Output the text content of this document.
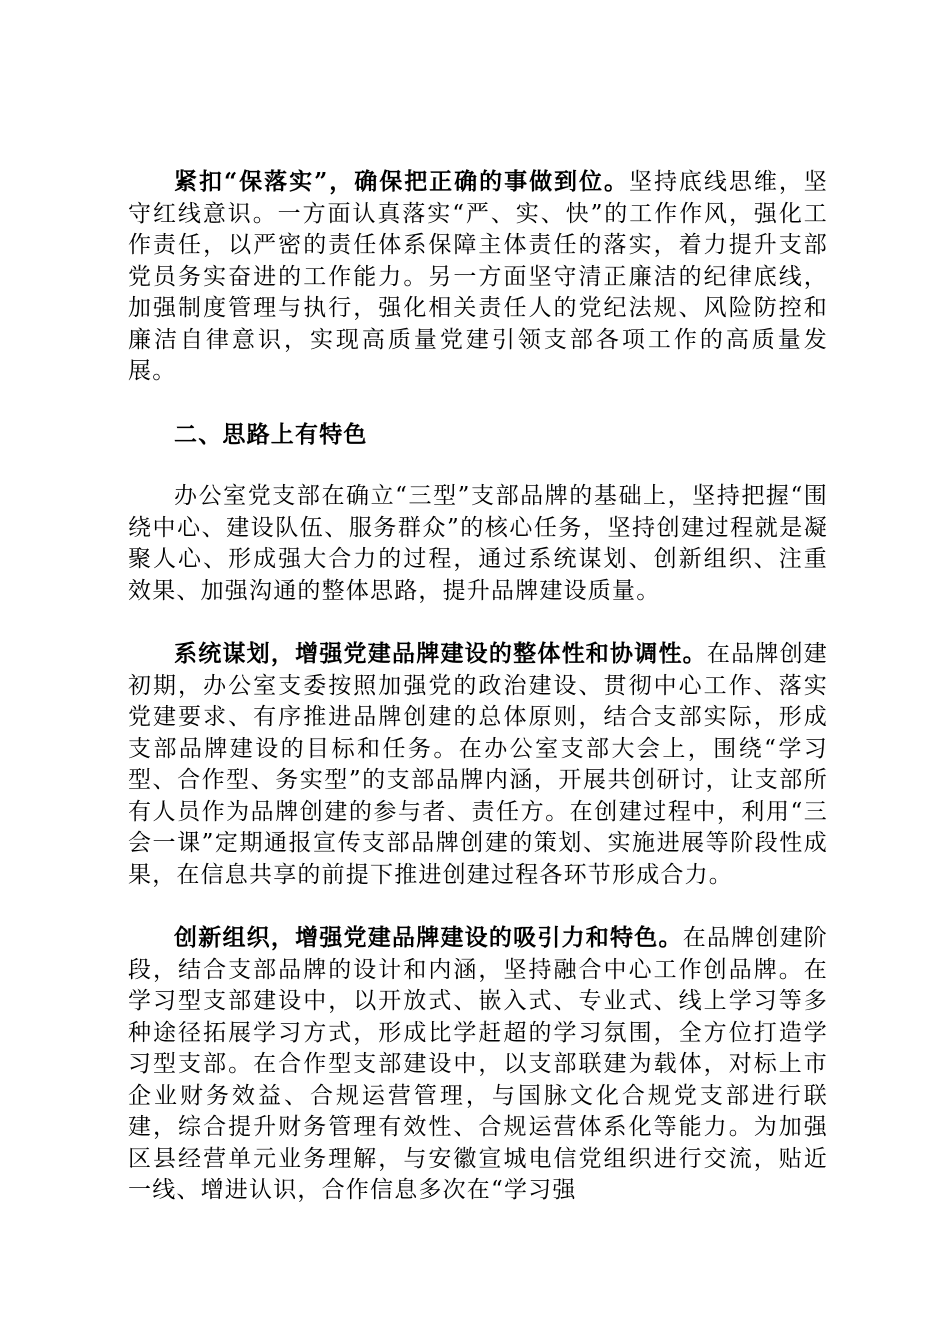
紧扣“保落实”，确保把正确的事做到位。坚持底线思维，坚守红线意识。一方面认真落实“严、实、快”的工作作风，强化工作责任，以严密的责任体系保障主体责任的落实，着力提升支部党员务实奋进的工作能力。另一方面坚守清正廉洁的纪律底线，加强制度管理与执行，强化相关责任人的党纪法规、风险防控和廉洁自律意识，实现高质量党建引领支部各项工作的高质量发展。

二、思路上有特色

办公室党支部在确立“三型”支部品牌的基础上，坚持把握“围绕中心、建设队伍、服务群众”的核心任务，坚持创建过程就是凝聚人心、形成强大合力的过程，通过系统谋划、创新组织、注重效果、加强沟通的整体思路，提升品牌建设质量。

系统谋划，增强党建品牌建设的整体性和协调性。在品牌创建初期，办公室支委按照加强党的政治建设、贯彻中心工作、落实党建要求、有序推进品牌创建的总体原则，结合支部实际，形成支部品牌建设的目标和任务。在办公室支部大会上，围绕“学习型、合作型、务实型”的支部品牌内涵，开展共创研讨，让支部所有人员作为品牌创建的参与者、责任方。在创建过程中，利用“三会一课”定期通报宣传支部品牌创建的策划、实施进展等阶段性成果，在信息共享的前提下推进创建过程各环节形成合力。

创新组织，增强党建品牌建设的吸引力和特色。在品牌创建阶段，结合支部品牌的设计和内涵，坚持融合中心工作创品牌。在学习型支部建设中，以开放式、嵌入式、专业式、线上学习等多种途径拓展学习方式，形成比学赶超的学习氛围，全方位打造学习型支部。在合作型支部建设中，以支部联建为载体，对标上市企业财务效益、合规运营管理，与国脉文化合规党支部进行联建，综合提升财务管理有效性、合规运营体系化等能力。为加强区县经营单元业务理解，与安徽宣城电信党组织进行交流，贴近一线、增进认识，合作信息多次在“学习强
